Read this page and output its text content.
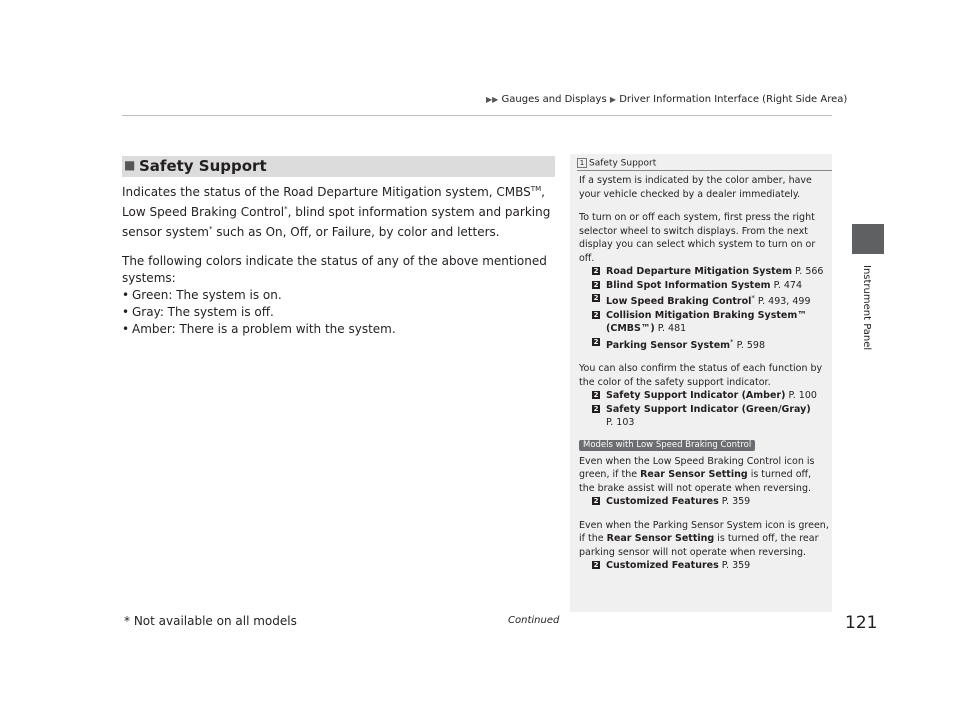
▶▶ Gauges and Displays ▶ Driver Information Interface (Right Side Area)
Instrument Panel
■ Safety Support

Indicates the status of the Road Departure Mitigation system, CMBS™, Low Speed Braking Control*, blind spot information system and parking sensor system* such as On, Off, or Failure, by color and letters.

The following colors indicate the status of any of the above mentioned systems:

• Green: The system is on.
• Gray: The system is off.
• Amber: There is a problem with the system.
1 Safety Support
If a system is indicated by the color amber, have your vehicle checked by a dealer immediately.
To turn on or off each system, first press the right selector wheel to switch displays. From the next display you can select which system to turn on or off.
2 Road Departure Mitigation System P. 566
2 Blind Spot Information System P. 474
2 Low Speed Braking Control* P. 493, 499
2 Collision Mitigation Braking System™ (CMBS™) P. 481
2 Parking Sensor System* P. 598
You can also confirm the status of each function by the color of the safety support indicator.
2 Safety Support Indicator (Amber) P. 100
2 Safety Support Indicator (Green/Gray)
P. 103
Models with Low Speed Braking Control
Even when the Low Speed Braking Control icon is green, if the Rear Sensor Setting is turned off, the brake assist will not operate when reversing.
2 Customized Features P. 359
Even when the Parking Sensor System icon is green, if the Rear Sensor Setting is turned off, the rear parking sensor will not operate when reversing.
2 Customized Features P. 359
* Not available on all models	Continued	121
